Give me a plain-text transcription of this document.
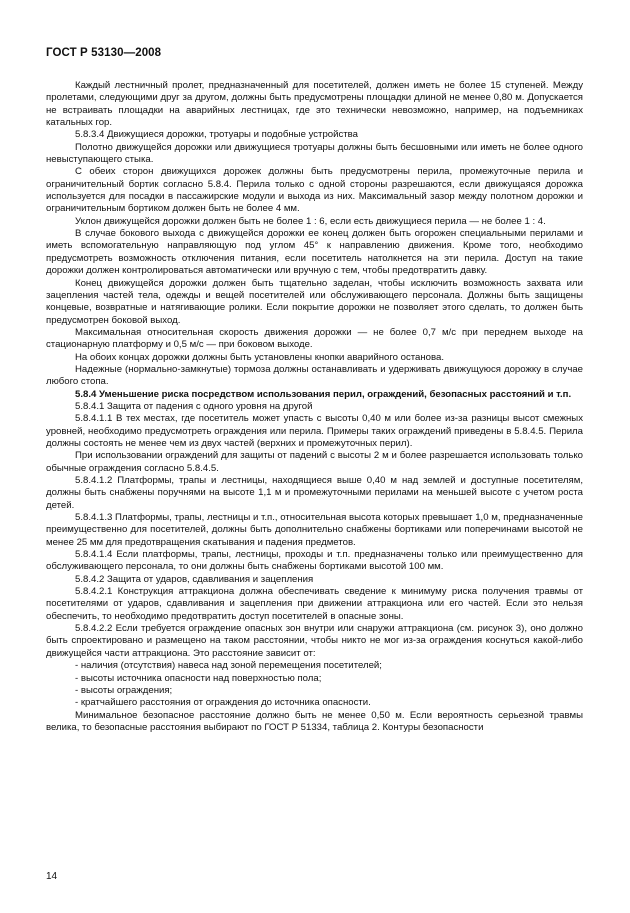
ГОСТ Р 53130—2008

Каждый лестничный пролет, предназначенный для посетителей, должен иметь не более 15 ступеней. Между пролетами, следующими друг за другом, должны быть предусмотрены площадки длиной не менее 0,80 м. Допускается не встраивать площадки на аварийных лестницах, где это технически невозможно, например, на подъемниках катальных гор.

5.8.3.4 Движущиеся дорожки, тротуары и подобные устройства

Полотно движущейся дорожки или движущиеся тротуары должны быть бесшовными или иметь не более одного невыступающего стыка.

С обеих сторон движущихся дорожек должны быть предусмотрены перила, промежуточные перила и ограничительный бортик согласно 5.8.4. Перила только с одной стороны разрешаются, если движущаяся дорожка используется для посадки в пассажирские модули и выхода из них. Максимальный зазор между полотном дорожки и ограничительным бортиком должен быть не более 4 мм.

Уклон движущейся дорожки должен быть не более 1 : 6, если есть движущиеся перила — не более 1 : 4.

В случае бокового выхода с движущейся дорожки ее конец должен быть огорожен специальными перилами и иметь вспомогательную направляющую под углом 45° к направлению движения. Кроме того, необходимо предусмотреть возможность отключения питания, если посетитель натолкнется на эти перила. Доступ на такие дорожки должен контролироваться автоматически или вручную с тем, чтобы предотвратить давку.

Конец движущейся дорожки должен быть тщательно заделан, чтобы исключить возможность захвата или зацепления частей тела, одежды и вещей посетителей или обслуживающего персонала. Должны быть защищены концевые, возвратные и натягивающие ролики. Если покрытие дорожки не позволяет этого сделать, то должен быть предусмотрен боковой выход.

Максимальная относительная скорость движения дорожки — не более 0,7 м/с при переднем выходе на стационарную платформу и 0,5 м/с — при боковом выходе.

На обоих концах дорожки должны быть установлены кнопки аварийного останова.

Надежные (нормально-замкнутые) тормоза должны останавливать и удерживать движущуюся дорожку в случае любого стопа.

5.8.4 Уменьшение риска посредством использования перил, ограждений, безопасных расстояний и т.п.

5.8.4.1 Защита от падения с одного уровня на другой

5.8.4.1.1 В тех местах, где посетитель может упасть с высоты 0,40 м или более из-за разницы высот смежных уровней, необходимо предусмотреть ограждения или перила. Примеры таких ограждений приведены в 5.8.4.5. Перила должны состоять не менее чем из двух частей (верхних и промежуточных перил).

При использовании ограждений для защиты от падений с высоты 2 м и более разрешается использовать только обычные ограждения согласно 5.8.4.5.

5.8.4.1.2 Платформы, трапы и лестницы, находящиеся выше 0,40 м над землей и доступные посетителям, должны быть снабжены поручнями на высоте 1,1 м и промежуточными перилами на меньшей высоте с учетом роста детей.

5.8.4.1.3 Платформы, трапы, лестницы и т.п., относительная высота которых превышает 1,0 м, предназначенные преимущественно для посетителей, должны быть дополнительно снабжены бортиками или поперечинами высотой не менее 25 мм для предотвращения скатывания и падения предметов.

5.8.4.1.4 Если платформы, трапы, лестницы, проходы и т.п. предназначены только или преимущественно для обслуживающего персонала, то они должны быть снабжены бортиками высотой 100 мм.

5.8.4.2 Защита от ударов, сдавливания и зацепления

5.8.4.2.1 Конструкция аттракциона должна обеспечивать сведение к минимуму риска получения травмы от посетителями от ударов, сдавливания и зацепления при движении аттракциона или его частей. Если это нельзя обеспечить, то необходимо предотвратить доступ посетителей в опасные зоны.

5.8.4.2.2 Если требуется ограждение опасных зон внутри или снаружи аттракциона (см. рисунок 3), оно должно быть спроектировано и размещено на таком расстоянии, чтобы никто не мог из-за ограждения коснуться какой-либо движущейся части аттракциона. Это расстояние зависит от:

- наличия (отсутствия) навеса над зоной перемещения посетителей;

- высоты источника опасности над поверхностью пола;

- высоты ограждения;

- кратчайшего расстояния от ограждения до источника опасности.

Минимальное безопасное расстояние должно быть не менее 0,50 м. Если вероятность серьезной травмы велика, то безопасные расстояния выбирают по ГОСТ Р 51334, таблица 2. Контуры безопасности

14
